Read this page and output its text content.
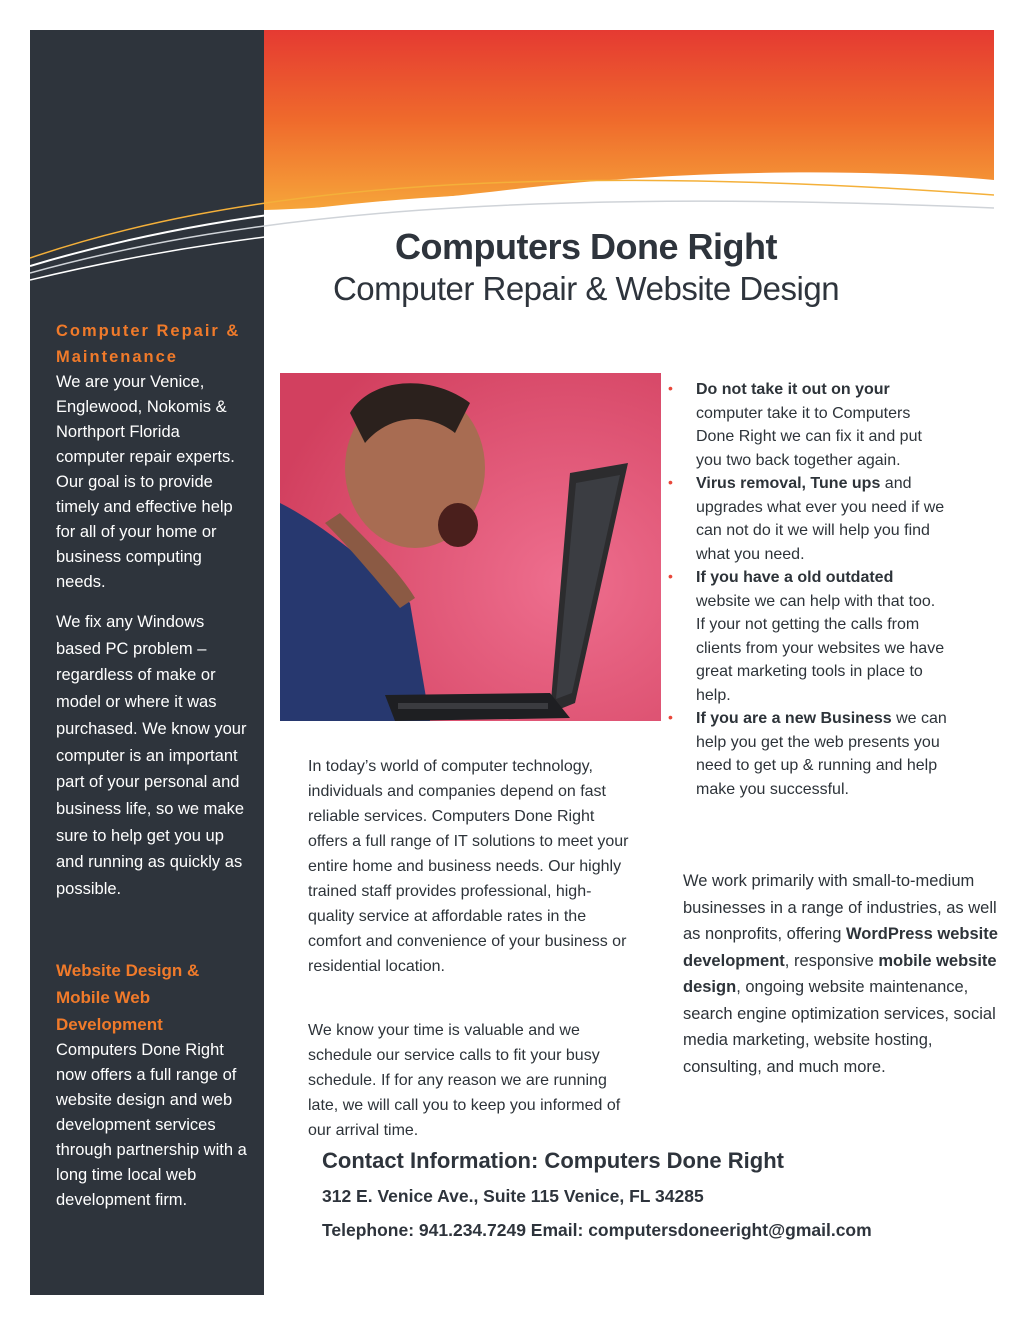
Computers Done Right
Computer Repair & Website Design
Computer Repair & Maintenance
We are your Venice, Englewood, Nokomis & Northport Florida computer repair experts. Our goal is to provide timely and effective help for all of your home or business computing needs.
We fix any Windows based PC problem – regardless of make or model or where it was purchased. We know your computer is an important part of your personal and business life, so we make sure to help get you up and running as quickly as possible.
Website Design & Mobile Web Development
Computers Done Right now offers a full range of website design and web development services through partnership with a long time local web development firm.
In today’s world of computer technology, individuals and companies depend on fast reliable services. Computers Done Right offers a full range of IT solutions to meet your entire home and business needs. Our highly trained staff provides professional, high-quality service at affordable rates in the comfort and convenience of your business or residential location.
We know your time is valuable and we schedule our service calls to fit your busy schedule. If for any reason we are running late, we will call you to keep you informed of our arrival time.
• Do not take it out on your computer take it to Computers Done Right we can fix it and put you two back together again.
• Virus removal, Tune ups and upgrades what ever you need if we can not do it we will help you find what you need.
• If you have a old outdated website we can help with that too. If your not getting the calls from clients from your websites we have great marketing tools in place to help.
• If you are a new Business we can help you get the web presents you need to get up & running and help make you successful.
We work primarily with small-to-medium businesses in a range of industries, as well as nonprofits, offering WordPress website development, responsive mobile website design, ongoing website maintenance, search engine optimization services, social media marketing, website hosting, consulting, and much more.
Contact Information: Computers Done Right
312 E. Venice Ave., Suite 115 Venice, FL 34285
Telephone: 941.234.7249 Email: computersdoneeright@gmail.com
